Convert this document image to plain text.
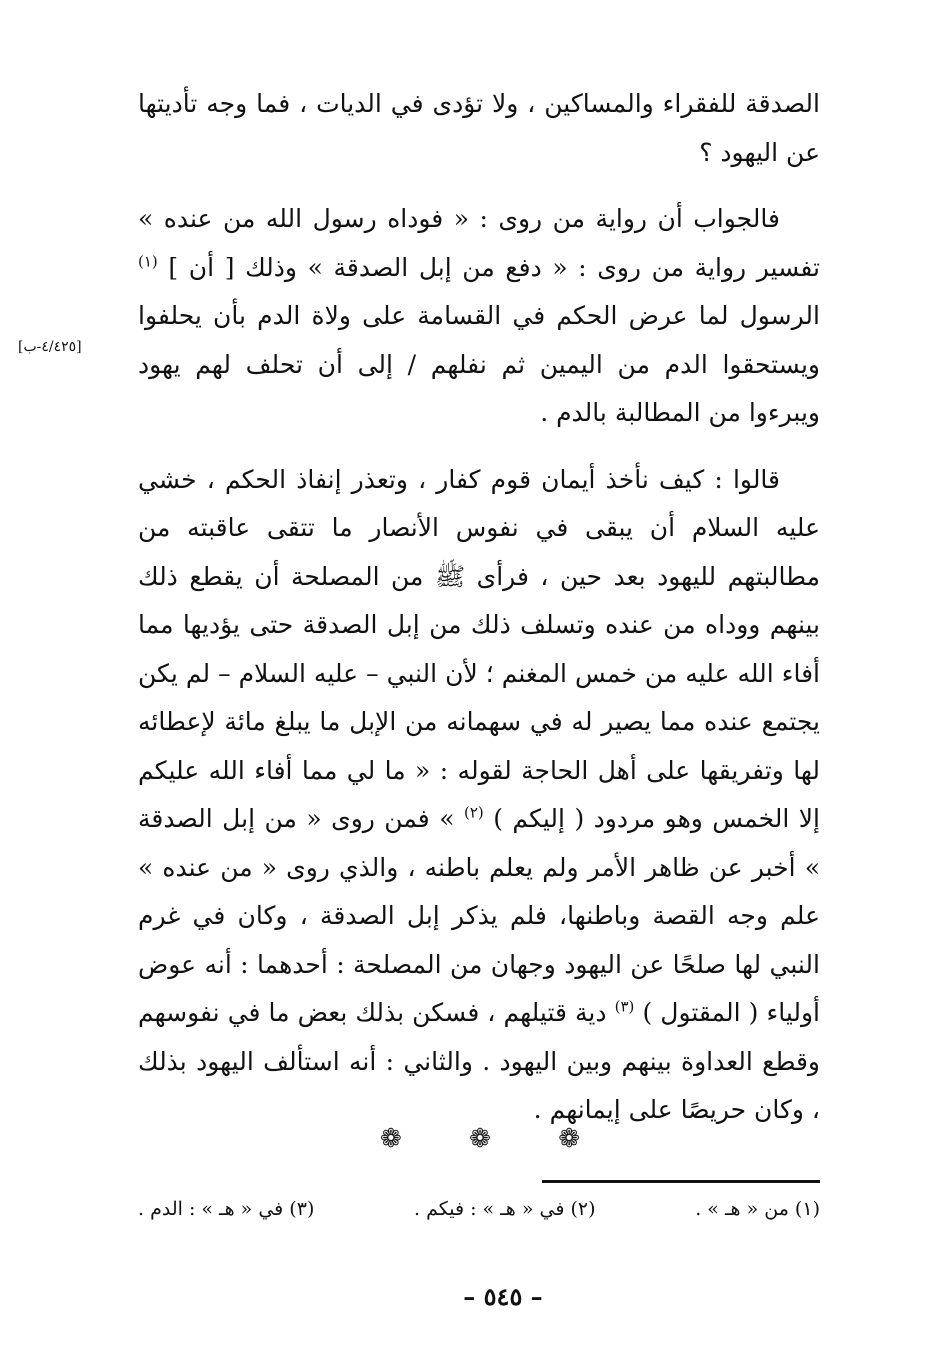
الصدقة للفقراء والمساكين ، ولا تؤدى في الديات ، فما وجه تأديتها عن اليهود ؟

فالجواب أن رواية من روى : « فوداه رسول الله من عنده » تفسير رواية من روى : « دفع من إبل الصدقة » وذلك [ أن ] $^{(١)}$ الرسول لما عرض الحكم في القسامة على ولاة الدم بأن يحلفوا ويستحقوا الدم من اليمين ثم نفلهم / إلى أن تحلف لهم يهود ويبرءوا من المطالبة بالدم .

قالوا : كيف نأخذ أيمان قوم كفار ، وتعذر إنفاذ الحكم ، خشي عليه السلام أن يبقى في نفوس الأنصار ما تتقى عاقبته من مطالبتهم لليهود بعد حين ، فرأى ﷺ من المصلحة أن يقطع ذلك بينهم ووداه من عنده وتسلف ذلك من إبل الصدقة حتى يؤديها مما أفاء الله عليه من خمس المغنم ؛ لأن النبي – عليه السلام – لم يكن يجتمع عنده مما يصير له في سهمانه من الإبل ما يبلغ مائة لإعطائه لها وتفريقها على أهل الحاجة لقوله : « ما لي مما أفاء الله عليكم إلا الخمس وهو مردود ( إليكم ) $^{(٢)}$ » فمن روى « من إبل الصدقة » أخبر عن ظاهر الأمر ولم يعلم باطنه ، والذي روى « من عنده » علم وجه القصة وباطنها، فلم يذكر إبل الصدقة ، وكان في غرم النبي لها صلحًا عن اليهود وجهان من المصلحة : أحدهما : أنه عوض أولياء ( المقتول ) $^{(٣)}$ دية قتيلهم ، فسكن بذلك بعض ما في نفوسهم وقطع العداوة بينهم وبين اليهود . والثاني : أنه استألف اليهود بذلك ، وكان حريصًا على إيمانهم .

[٤/٤٢٥-ب]
❁	❁	❁
(١) من « هـ » .
(٢) في « هـ » : فيكم .
(٣) في « هـ » : الدم .
– ٥٤٥ –
